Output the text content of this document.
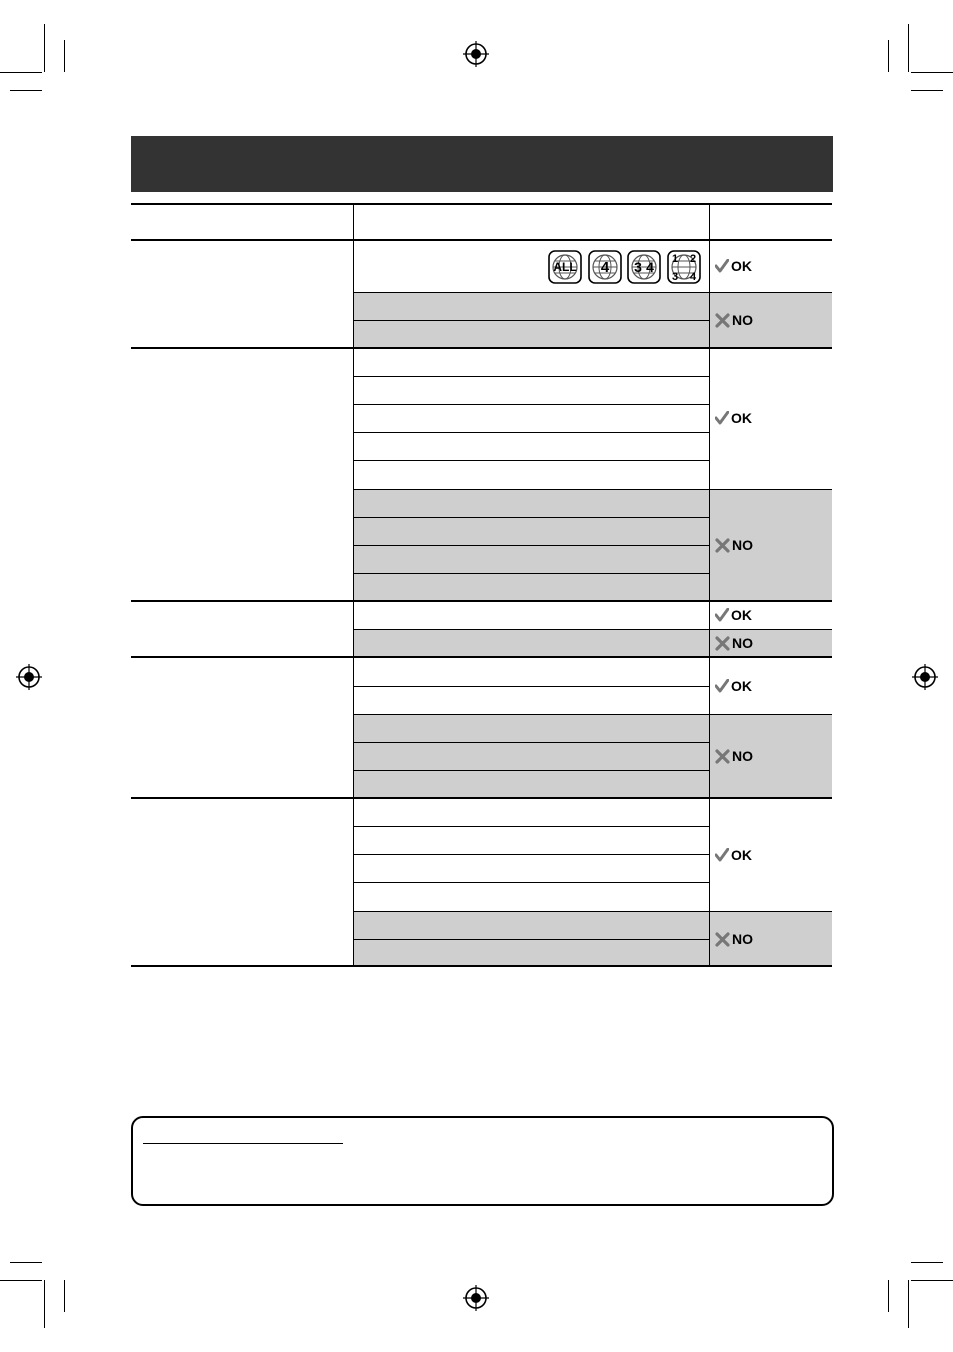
ALL 4 3 4 1 2
3 4
OK
NO
OK
NO
OK
NO
OK
NO
OK
NO
